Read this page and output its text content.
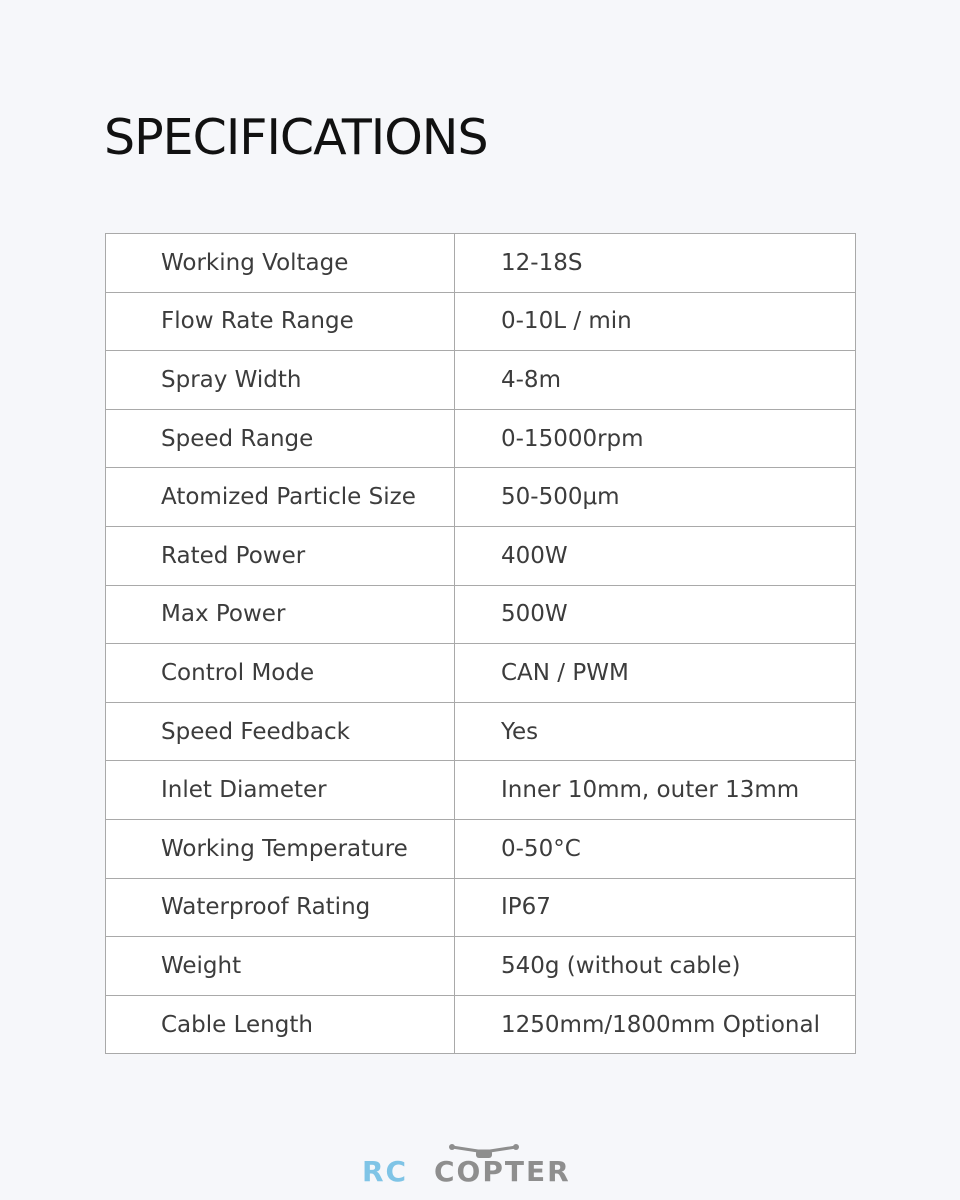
SPECIFICATIONS
Working Voltage	12-18S
Flow Rate Range	0-10L / min
Spray Width	4-8m
Speed Range	0-15000rpm
Atomized Particle Size	50-500μm
Rated Power	400W
Max Power	500W
Control Mode	CAN / PWM
Speed Feedback	Yes
Inlet Diameter	Inner 10mm, outer 13mm
Working Temperature	0-50°C
Waterproof Rating	IP67
Weight	540g (without cable)
Cable Length	1250mm/1800mm Optional
RC COPTER
